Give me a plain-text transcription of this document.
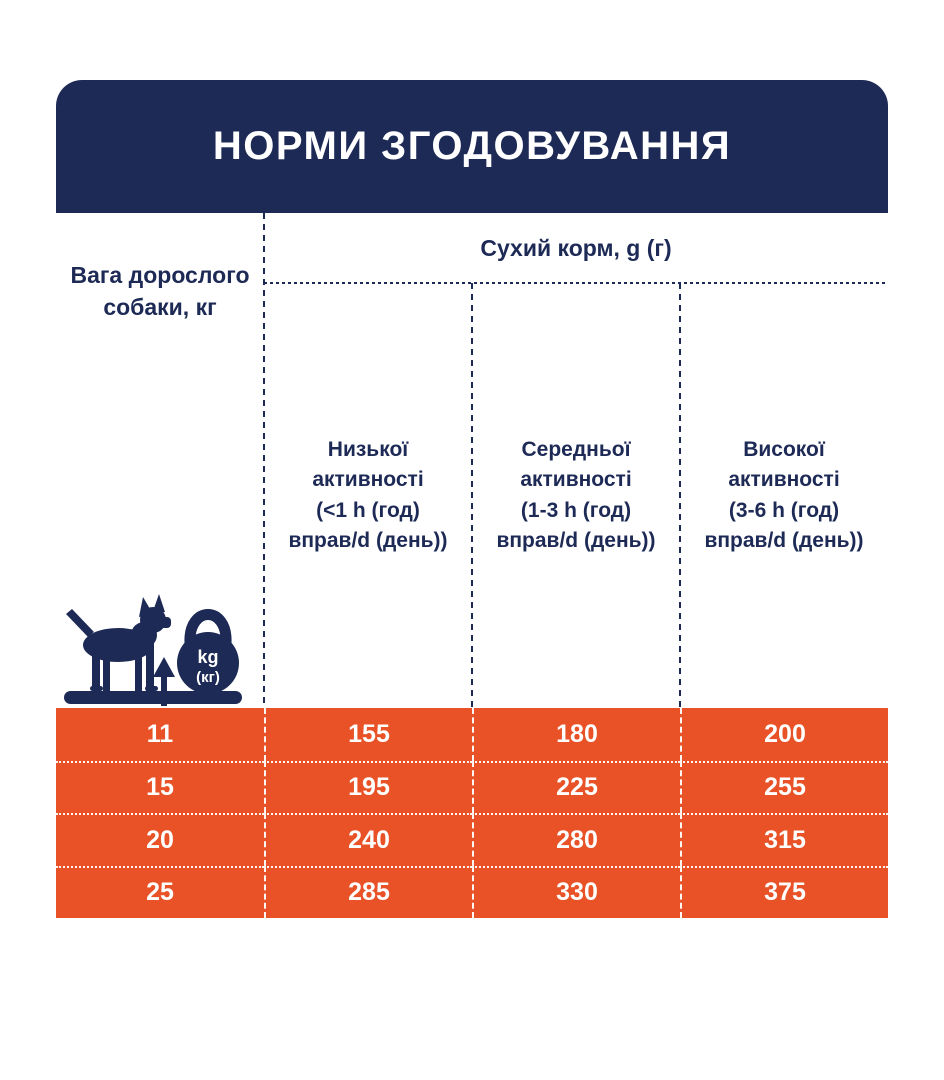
НОРМИ ЗГОДОВУВАННЯ
Сухий корм, g (г)
Вага дорослого
собаки, кг
Низької
активності
(<1 h (год)
вправ/d (день))
Середньої
активності
(1-3 h (год)
вправ/d (день))
Високої
активності
(3-6 h (год)
вправ/d (день))
kg
(кг)
11	155	180	200
15	195	225	255
20	240	280	315
25	285	330	375
